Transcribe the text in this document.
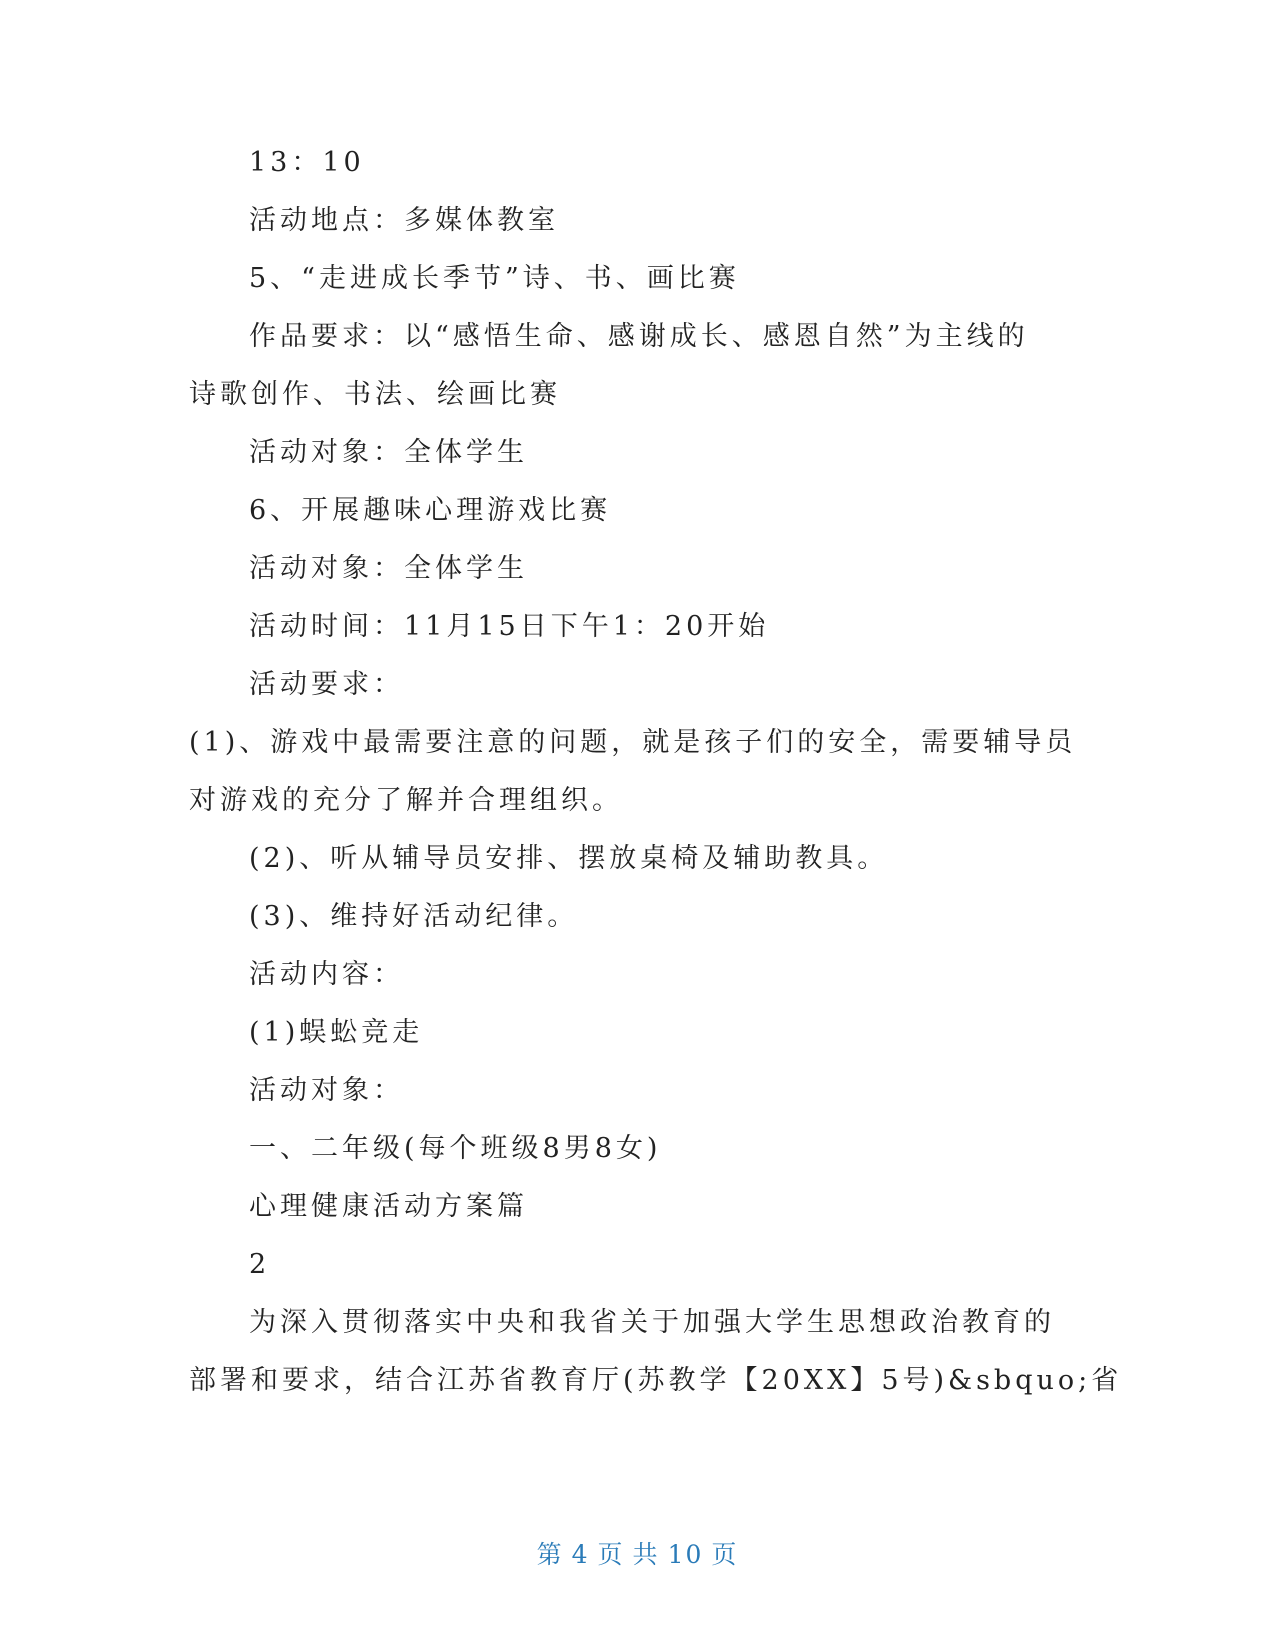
13：10
活动地点：多媒体教室
5、“走进成长季节”诗、书、画比赛
作品要求：以“感悟生命、感谢成长、感恩自然”为主线的
诗歌创作、书法、绘画比赛
活动对象：全体学生
6、开展趣味心理游戏比赛
活动对象：全体学生
活动时间：11月15日下午1：20开始
活动要求：
(1)、游戏中最需要注意的问题，就是孩子们的安全，需要辅导员
对游戏的充分了解并合理组织。
(2)、听从辅导员安排、摆放桌椅及辅助教具。
(3)、维持好活动纪律。
活动内容：
(1)蜈蚣竞走
活动对象：
一、二年级(每个班级8男8女)
心理健康活动方案篇
2
为深入贯彻落实中央和我省关于加强大学生思想政治教育的
部署和要求，结合江苏省教育厅(苏教学【20XX】5号)&sbquo;省
第 4 页 共 10 页
